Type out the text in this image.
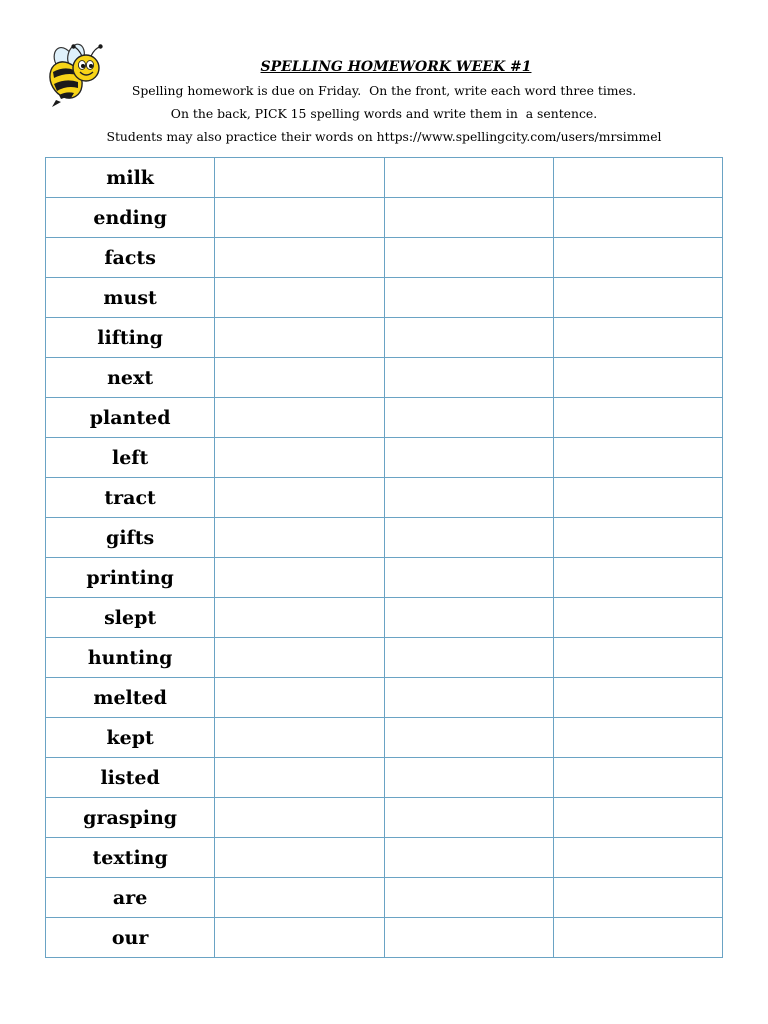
SPELLING HOMEWORK WEEK #1
Spelling homework is due on Friday.  On the front, write each word three times.
On the back, PICK 15 spelling words and write them in  a sentence.
Students may also practice their words on https://www.spellingcity.com/users/mrsimmel
milk			
ending			
facts			
must			
lifting			
next			
planted			
left			
tract			
gifts			
printing			
slept			
hunting			
melted			
kept			
listed			
grasping			
texting			
are			
our			
